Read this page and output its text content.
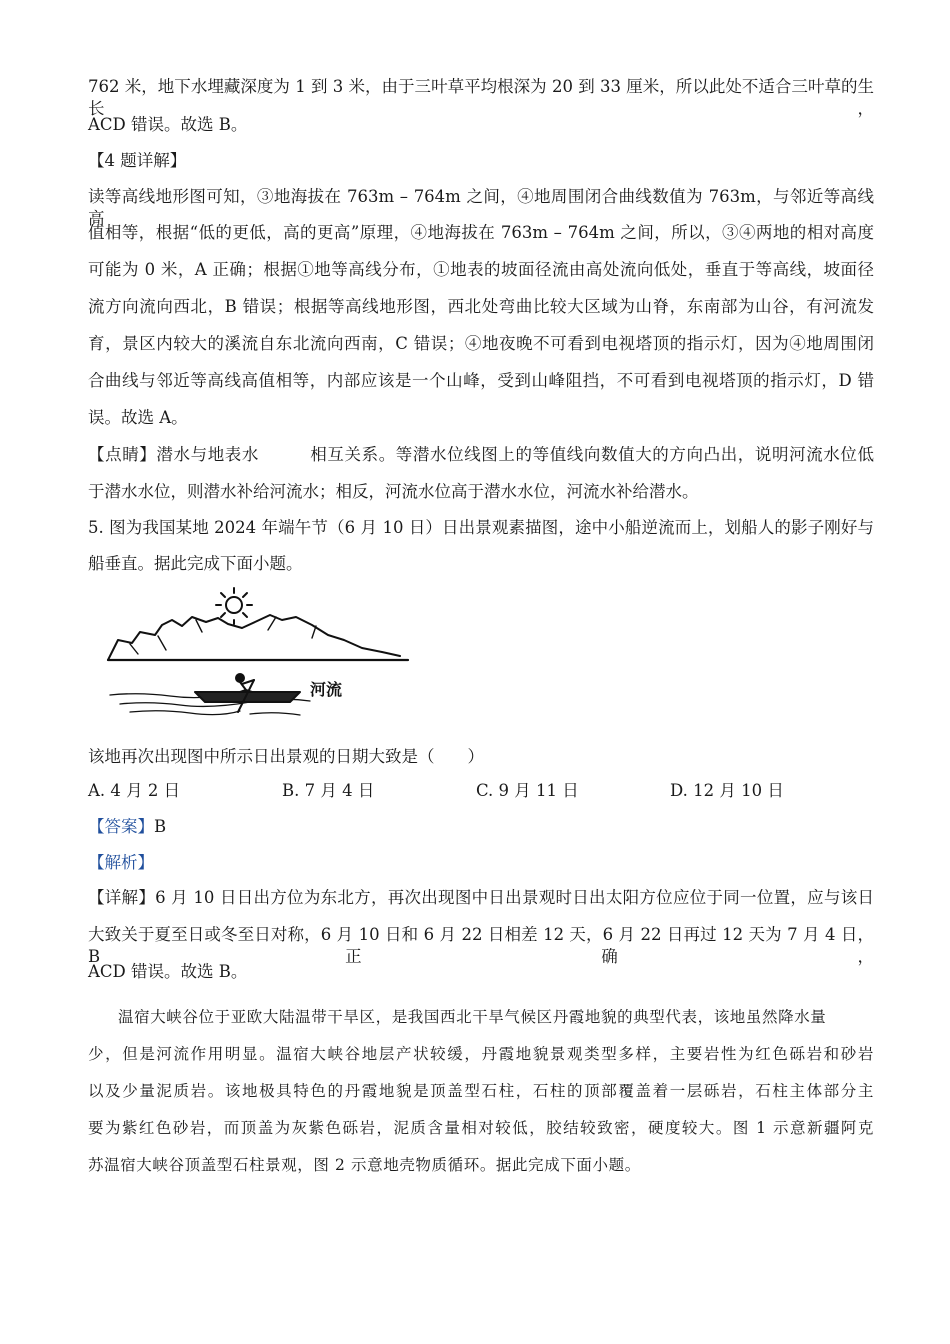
762 米，地下水埋藏深度为 1 到 3 米，由于三叶草平均根深为 20 到 33 厘米，所以此处不适合三叶草的生长，
ACD 错误。故选 B。
【4 题详解】
读等高线地形图可知，③地海拔在 763m – 764m 之间，④地周围闭合曲线数值为 763m，与邻近等高线高
值相等，根据“低的更低，高的更高”原理，④地海拔在 763m – 764m 之间，所以，③④两地的相对高度
可能为 0 米，A 正确；根据①地等高线分布，①地表的坡面径流由高处流向低处，垂直于等高线，坡面径
流方向流向西北，B 错误；根据等高线地形图，西北处弯曲比较大区域为山脊，东南部为山谷，有河流发
育，景区内较大的溪流自东北流向西南，C 错误；④地夜晚不可看到电视塔顶的指示灯，因为④地周围闭
合曲线与邻近等高线高值相等，内部应该是一个山峰，受到山峰阻挡，不可看到电视塔顶的指示灯，D 错
误。故选 A。
【点睛】潜水与地表水　　　相互关系。等潜水位线图上的等值线向数值大的方向凸出，说明河流水位低
于潜水水位，则潜水补给河流水；相反，河流水位高于潜水水位，河流水补给潜水。
5. 图为我国某地 2024 年端午节（6 月 10 日）日出景观素描图，途中小船逆流而上，划船人的影子刚好与
船垂直。据此完成下面小题。
河流
该地再次出现图中所示日出景观的日期大致是（　　）
A. 4 月 2 日	B. 7 月 4 日	C. 9 月 11 日	D. 12 月 10 日
【答案】B
【解析】
【详解】6 月 10 日日出方位为东北方，再次出现图中日出景观时日出太阳方位应位于同一位置，应与该日
大致关于夏至日或冬至日对称，6 月 10 日和 6 月 22 日相差 12 天，6 月 22 日再过 12 天为 7 月 4 日，B 正确，
ACD 错误。故选 B。
温宿大峡谷位于亚欧大陆温带干旱区，是我国西北干旱气候区丹霞地貌的典型代表，该地虽然降水量
少，但是河流作用明显。温宿大峡谷地层产状较缓，丹霞地貌景观类型多样，主要岩性为红色砾岩和砂岩
以及少量泥质岩。该地极具特色的丹霞地貌是顶盖型石柱，石柱的顶部覆盖着一层砾岩，石柱主体部分主
要为紫红色砂岩，而顶盖为灰紫色砾岩，泥质含量相对较低，胶结较致密，硬度较大。图 1 示意新疆阿克
苏温宿大峡谷顶盖型石柱景观，图 2 示意地壳物质循环。据此完成下面小题。
